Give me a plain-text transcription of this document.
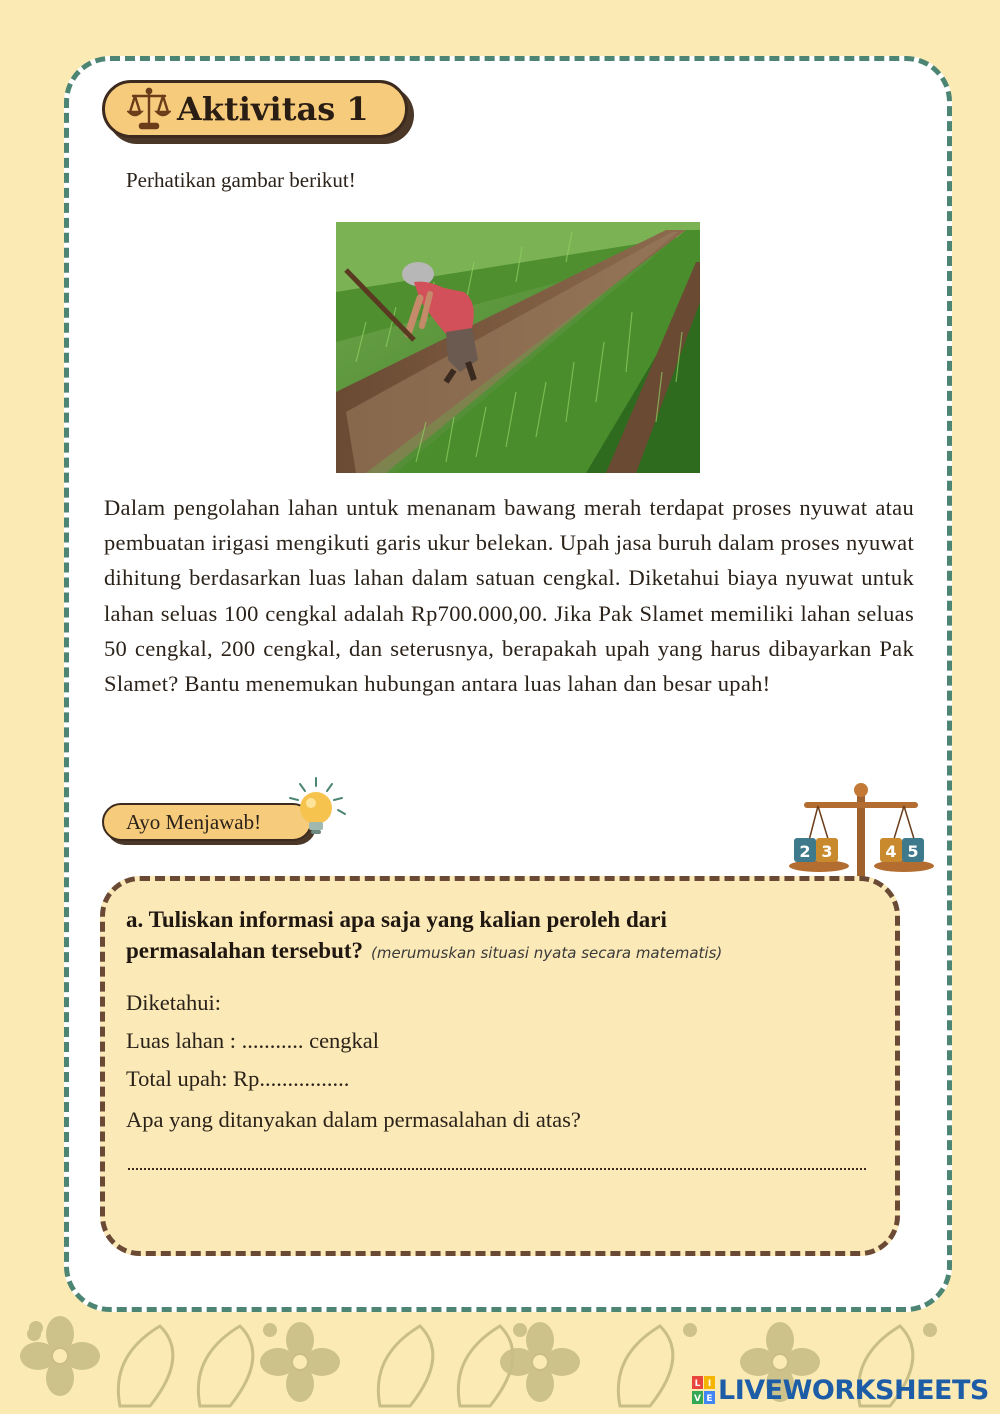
Aktivitas 1
Perhatikan gambar berikut!
Dalam pengolahan lahan untuk menanam bawang merah terdapat proses nyuwat atau pembuatan irigasi mengikuti garis ukur belekan. Upah jasa buruh dalam proses nyuwat dihitung berdasarkan luas lahan dalam satuan cengkal. Diketahui biaya nyuwat untuk lahan seluas 100 cengkal adalah Rp700.000,00. Jika Pak Slamet memiliki lahan seluas 50 cengkal, 200 cengkal, dan seterusnya, berapakah upah yang harus dibayarkan Pak Slamet? Bantu menemukan hubungan antara luas lahan dan besar upah!
Ayo Menjawab!
2 3	4 5
a. Tuliskan informasi apa saja yang kalian peroleh dari
permasalahan tersebut? (merumuskan situasi nyata secara matematis)
Diketahui:
Luas lahan : ........... cengkal
Total upah: Rp................
Apa yang ditanyakan dalam permasalahan di atas?
L I
V E LIVEWORKSHEETS
